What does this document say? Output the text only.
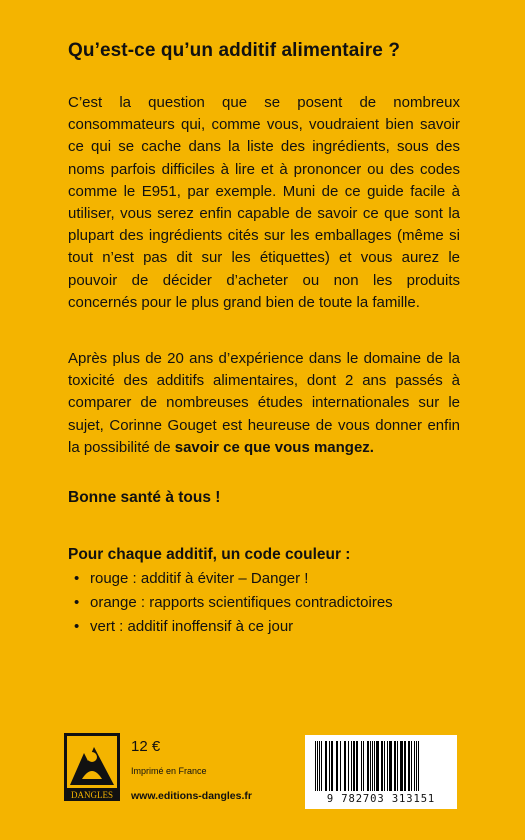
Qu’est-ce qu’un additif alimentaire ?
C’est la question que se posent de nombreux consommateurs qui, comme vous, voudraient bien savoir ce qui se cache dans la liste des ingrédients, sous des noms parfois difficiles à lire et à prononcer ou des codes comme le E951, par exemple. Muni de ce guide facile à utiliser, vous serez enfin capable de savoir ce que sont la plupart des ingrédients cités sur les emballages (même si tout n’est pas dit sur les étiquettes) et vous aurez le pouvoir de décider d’acheter ou non les produits concernés pour le plus grand bien de toute la famille.
Après plus de 20 ans d’expérience dans le domaine de la toxicité des additifs alimentaires, dont 2 ans passés à comparer de nombreuses études internationales sur le sujet, Corinne Gouget est heureuse de vous donner enfin la possibilité de savoir ce que vous mangez.
Bonne santé à tous !
Pour chaque additif, un code couleur :
• rouge : additif à éviter – Danger !
• orange : rapports scientifiques contradictoires
• vert : additif inoffensif à ce jour
DANGLES
12 €
Imprimé en France
www.editions-dangles.fr	9 782703 313151
